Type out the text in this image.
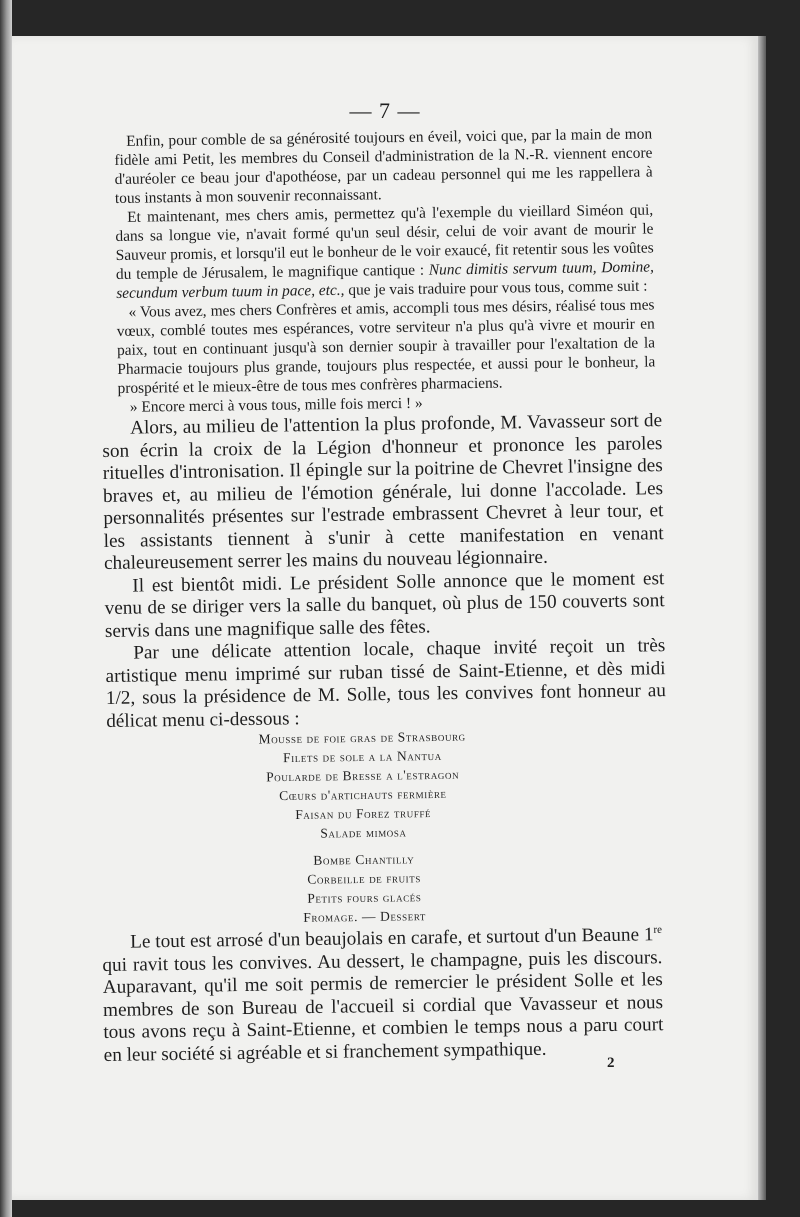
— 7 —

Enfin, pour comble de sa générosité toujours en éveil, voici que, par la main de mon fidèle ami Petit, les membres du Conseil d'administration de la N.-R. viennent encore d'auréoler ce beau jour d'apothéose, par un cadeau personnel qui me les rappellera à tous instants à mon souvenir reconnaissant.

Et maintenant, mes chers amis, permettez qu'à l'exemple du vieillard Siméon qui, dans sa longue vie, n'avait formé qu'un seul désir, celui de voir avant de mourir le Sauveur promis, et lorsqu'il eut le bonheur de le voir exaucé, fit retentir sous les voûtes du temple de Jérusalem, le magnifique cantique : Nunc dimitis servum tuum, Domine, secundum verbum tuum in pace, etc., que je vais traduire pour vous tous, comme suit :

« Vous avez, mes chers Confrères et amis, accompli tous mes désirs, réalisé tous mes vœux, comblé toutes mes espérances, votre serviteur n'a plus qu'à vivre et mourir en paix, tout en continuant jusqu'à son dernier soupir à travailler pour l'exaltation de la Pharmacie toujours plus grande, toujours plus respectée, et aussi pour le bonheur, la prospérité et le mieux-être de tous mes confrères pharmaciens.

» Encore merci à vous tous, mille fois merci ! »

Alors, au milieu de l'attention la plus profonde, M. Vavasseur sort de son écrin la croix de la Légion d'honneur et prononce les paroles rituelles d'intronisation. Il épingle sur la poitrine de Chevret l'insigne des braves et, au milieu de l'émotion générale, lui donne l'accolade. Les personnalités présentes sur l'estrade embrassent Chevret à leur tour, et les assistants tiennent à s'unir à cette manifestation en venant chaleureusement serrer les mains du nouveau légionnaire.

Il est bientôt midi. Le président Solle annonce que le moment est venu de se diriger vers la salle du banquet, où plus de 150 couverts sont servis dans une magnifique salle des fêtes.

Par une délicate attention locale, chaque invité reçoit un très artistique menu imprimé sur ruban tissé de Saint-Etienne, et dès midi 1/2, sous la présidence de M. Solle, tous les convives font honneur au délicat menu ci-dessous :

Mousse de foie gras de Strasbourg
Filets de sole a la Nantua
Poularde de Bresse a l'estragon
Cœurs d'artichauts fermière
Faisan du Forez truffé
Salade mimosa
Bombe Chantilly
Corbeille de fruits
Petits fours glacés
Fromage. — Dessert

Le tout est arrosé d'un beaujolais en carafe, et surtout d'un Beaune 1re qui ravit tous les convives. Au dessert, le champagne, puis les discours. Auparavant, qu'il me soit permis de remercier le président Solle et les membres de son Bureau de l'accueil si cordial que Vavasseur et nous tous avons reçu à Saint-Etienne, et combien le temps nous a paru court en leur société si agréable et si franchement sympathique.	2
